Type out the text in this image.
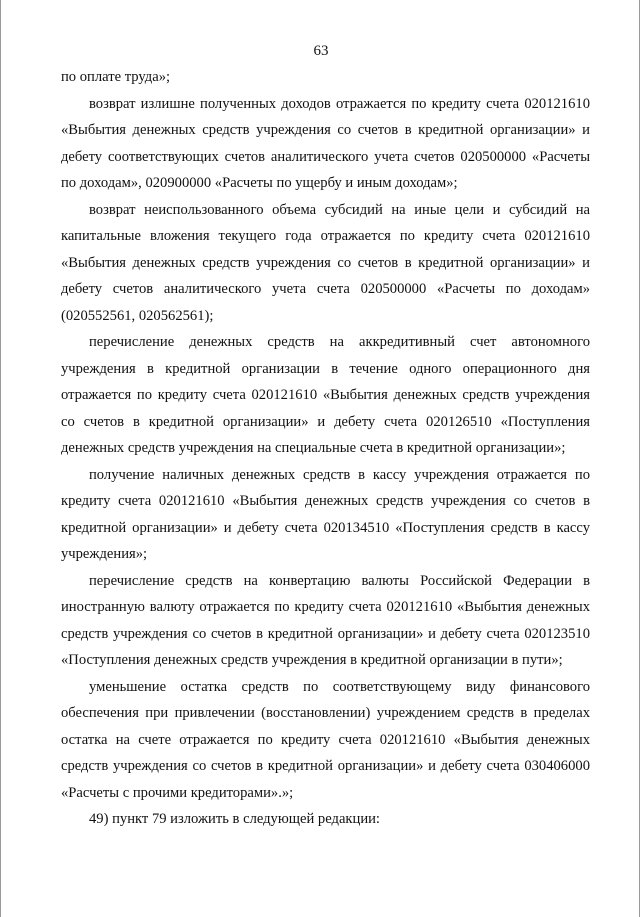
63

по оплате труда»;

возврат излишне полученных доходов отражается по кредиту счета 020121610 «Выбытия денежных средств учреждения со счетов в кредитной организации» и дебету соответствующих счетов аналитического учета счетов 020500000 «Расчеты по доходам», 020900000 «Расчеты по ущербу и иным доходам»;

возврат неиспользованного объема субсидий на иные цели и субсидий на капитальные вложения текущего года отражается по кредиту счета 020121610 «Выбытия денежных средств учреждения со счетов в кредитной организации» и дебету счетов аналитического учета счета 020500000 «Расчеты по доходам» (020552561, 020562561);

перечисление денежных средств на аккредитивный счет автономного учреждения в кредитной организации в течение одного операционного дня отражается по кредиту счета 020121610 «Выбытия денежных средств учреждения со счетов в кредитной организации» и дебету счета 020126510 «Поступления денежных средств учреждения на специальные счета в кредитной организации»;

получение наличных денежных средств в кассу учреждения отражается по кредиту счета 020121610 «Выбытия денежных средств учреждения со счетов в кредитной организации» и дебету счета 020134510 «Поступления средств в кассу учреждения»;

перечисление средств на конвертацию валюты Российской Федерации в иностранную валюту отражается по кредиту счета 020121610 «Выбытия денежных средств учреждения со счетов в кредитной организации» и дебету счета 020123510 «Поступления денежных средств учреждения в кредитной организации в пути»;

уменьшение остатка средств по соответствующему виду финансового обеспечения при привлечении (восстановлении) учреждением средств в пределах остатка на счете отражается по кредиту счета 020121610 «Выбытия денежных средств учреждения со счетов в кредитной организации» и дебету счета 030406000 «Расчеты с прочими кредиторами».»;

49) пункт 79 изложить в следующей редакции:
